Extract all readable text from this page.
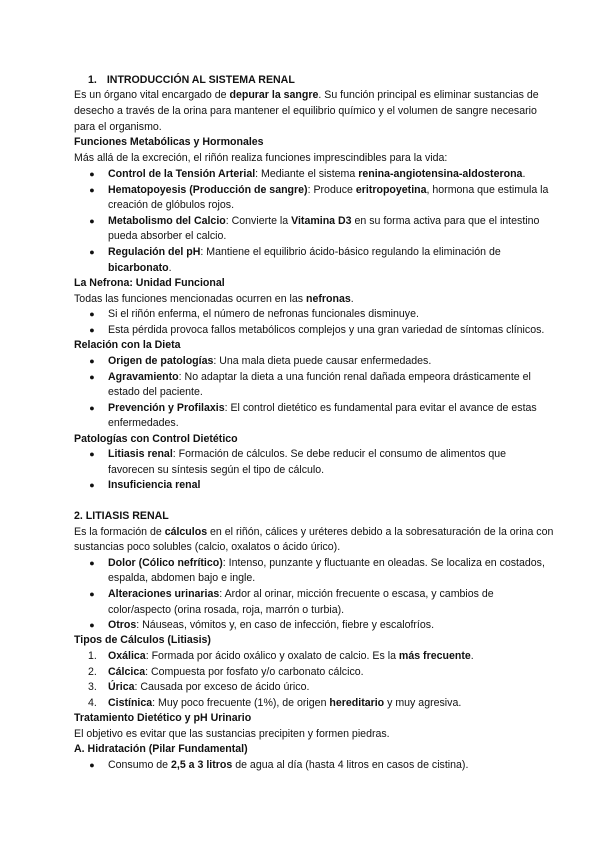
1. INTRODUCCIÓN AL SISTEMA RENAL
Es un órgano vital encargado de depurar la sangre. Su función principal es eliminar sustancias de
desecho a través de la orina para mantener el equilibrio químico y el volumen de sangre necesario
para el organismo.
Funciones Metabólicas y Hormonales
Más allá de la excreción, el riñón realiza funciones imprescindibles para la vida:
● Control de la Tensión Arterial: Mediante el sistema renina-angiotensina-aldosterona.
● Hematopoyesis (Producción de sangre): Produce eritropoyetina, hormona que estimula la
creación de glóbulos rojos.
● Metabolismo del Calcio: Convierte la Vitamina D3 en su forma activa para que el intestino
pueda absorber el calcio.
● Regulación del pH: Mantiene el equilibrio ácido-básico regulando la eliminación de
bicarbonato.
La Nefrona: Unidad Funcional
Todas las funciones mencionadas ocurren en las nefronas.
● Si el riñón enferma, el número de nefronas funcionales disminuye.
● Esta pérdida provoca fallos metabólicos complejos y una gran variedad de síntomas clínicos.
Relación con la Dieta
● Origen de patologías: Una mala dieta puede causar enfermedades.
● Agravamiento: No adaptar la dieta a una función renal dañada empeora drásticamente el
estado del paciente.
● Prevención y Profilaxis: El control dietético es fundamental para evitar el avance de estas
enfermedades.
Patologías con Control Dietético
● Litiasis renal: Formación de cálculos. Se debe reducir el consumo de alimentos que
favorecen su síntesis según el tipo de cálculo.
● Insuficiencia renal
2. LITIASIS RENAL
Es la formación de cálculos en el riñón, cálices y uréteres debido a la sobresaturación de la orina con
sustancias poco solubles (calcio, oxalatos o ácido úrico).
● Dolor (Cólico nefrítico): Intenso, punzante y fluctuante en oleadas. Se localiza en costados,
espalda, abdomen bajo e ingle.
● Alteraciones urinarias: Ardor al orinar, micción frecuente o escasa, y cambios de
color/aspecto (orina rosada, roja, marrón o turbia).
● Otros: Náuseas, vómitos y, en caso de infección, fiebre y escalofríos.
Tipos de Cálculos (Litiasis)
1. Oxálica: Formada por ácido oxálico y oxalato de calcio. Es la más frecuente.
2. Cálcica: Compuesta por fosfato y/o carbonato cálcico.
3. Úrica: Causada por exceso de ácido úrico.
4. Cistínica: Muy poco frecuente (1%), de origen hereditario y muy agresiva.
Tratamiento Dietético y pH Urinario
El objetivo es evitar que las sustancias precipiten y formen piedras.
A. Hidratación (Pilar Fundamental)
● Consumo de 2,5 a 3 litros de agua al día (hasta 4 litros en casos de cistina).
